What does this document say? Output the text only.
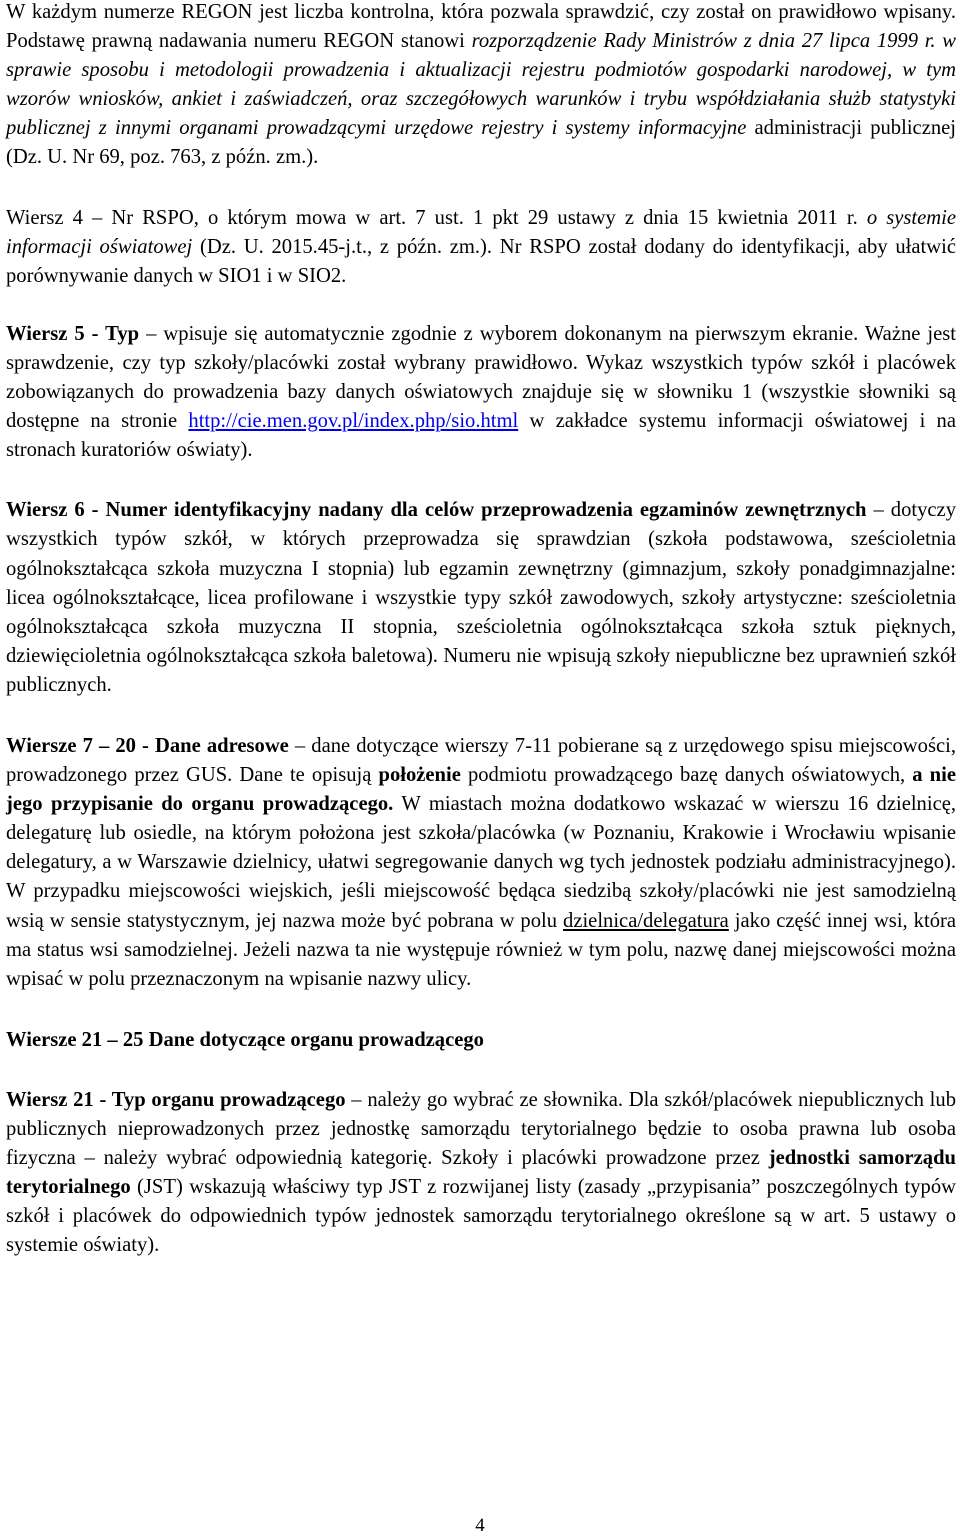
W każdym numerze REGON jest liczba kontrolna, która pozwala sprawdzić, czy został on prawidłowo wpisany. Podstawę prawną nadawania numeru REGON stanowi rozporządzenie Rady Ministrów z dnia 27 lipca 1999 r. w sprawie sposobu i metodologii prowadzenia i aktualizacji rejestru podmiotów gospodarki narodowej, w tym wzorów wniosków, ankiet i zaświadczeń, oraz szczegółowych warunków i trybu współdziałania służb statystyki publicznej z innymi organami prowadzącymi urzędowe rejestry i systemy informacyjne administracji publicznej (Dz. U. Nr 69, poz. 763, z późn. zm.).

Wiersz 4 – Nr RSPO, o którym mowa w art. 7 ust. 1 pkt 29 ustawy z dnia 15 kwietnia 2011 r. o systemie informacji oświatowej (Dz. U. 2015.45-j.t., z późn. zm.). Nr RSPO został dodany do identyfikacji, aby ułatwić porównywanie danych w SIO1 i w SIO2.

Wiersz 5 - Typ – wpisuje się automatycznie zgodnie z wyborem dokonanym na pierwszym ekranie. Ważne jest sprawdzenie, czy typ szkoły/placówki został wybrany prawidłowo. Wykaz wszystkich typów szkół i placówek zobowiązanych do prowadzenia bazy danych oświatowych znajduje się w słowniku 1 (wszystkie słowniki są dostępne na stronie http://cie.men.gov.pl/index.php/sio.html w zakładce systemu informacji oświatowej i na stronach kuratoriów oświaty).

Wiersz 6 - Numer identyfikacyjny nadany dla celów przeprowadzenia egzaminów zewnętrznych – dotyczy wszystkich typów szkół, w których przeprowadza się sprawdzian (szkoła podstawowa, sześcioletnia ogólnokształcąca szkoła muzyczna I stopnia) lub egzamin zewnętrzny (gimnazjum, szkoły ponadgimnazjalne: licea ogólnokształcące, licea profilowane i wszystkie typy szkół zawodowych, szkoły artystyczne: sześcioletnia ogólnokształcąca szkoła muzyczna II stopnia, sześcioletnia ogólnokształcąca szkoła sztuk pięknych, dziewięcioletnia ogólnokształcąca szkoła baletowa). Numeru nie wpisują szkoły niepubliczne bez uprawnień szkół publicznych.

Wiersze 7 – 20 - Dane adresowe – dane dotyczące wierszy 7-11 pobierane są z urzędowego spisu miejscowości, prowadzonego przez GUS. Dane te opisują położenie podmiotu prowadzącego bazę danych oświatowych, a nie jego przypisanie do organu prowadzącego. W miastach można dodatkowo wskazać w wierszu 16 dzielnicę, delegaturę lub osiedle, na którym położona jest szkoła/placówka (w Poznaniu, Krakowie i Wrocławiu wpisanie delegatury, a w Warszawie dzielnicy, ułatwi segregowanie danych wg tych jednostek podziału administracyjnego). W przypadku miejscowości wiejskich, jeśli miejscowość będąca siedzibą szkoły/placówki nie jest samodzielną wsią w sensie statystycznym, jej nazwa może być pobrana w polu dzielnica/delegatura jako część innej wsi, która ma status wsi samodzielnej. Jeżeli nazwa ta nie występuje również w tym polu, nazwę danej miejscowości można wpisać w polu przeznaczonym na wpisanie nazwy ulicy.

Wiersze 21 – 25 Dane dotyczące organu prowadzącego

Wiersz 21 - Typ organu prowadzącego – należy go wybrać ze słownika. Dla szkół/placówek niepublicznych lub publicznych nieprowadzonych przez jednostkę samorządu terytorialnego będzie to osoba prawna lub osoba fizyczna – należy wybrać odpowiednią kategorię. Szkoły i placówki prowadzone przez jednostki samorządu terytorialnego (JST) wskazują właściwy typ JST z rozwijanej listy (zasady „przypisania” poszczególnych typów szkół i placówek do odpowiednich typów jednostek samorządu terytorialnego określone są w art. 5 ustawy o systemie oświaty).

4
